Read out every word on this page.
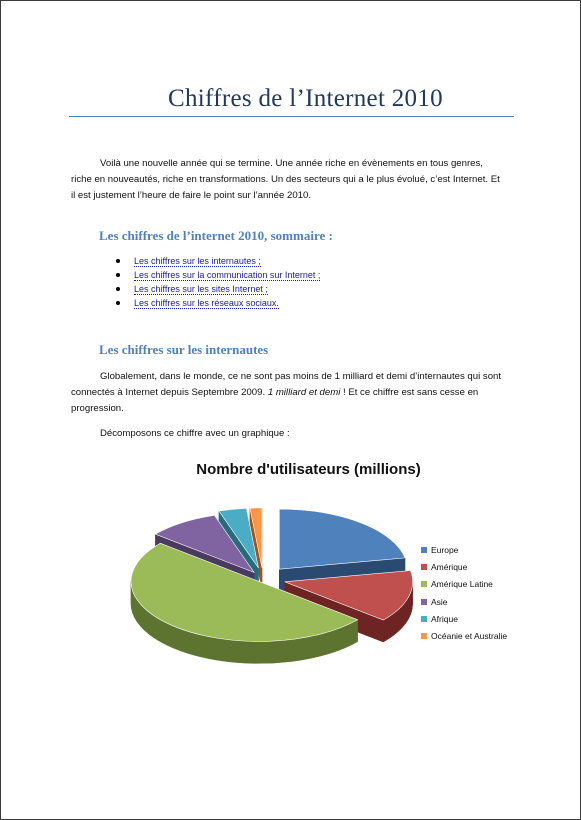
Chiffres de l’Internet 2010
Voilà une nouvelle année qui se termine. Une année riche en évènements en tous genres,
riche en nouveautés, riche en transformations. Un des secteurs qui a le plus évolué, c’est Internet. Et
il est justement l’heure de faire le point sur l’année 2010.
Les chiffres de l’internet 2010, sommaire :
Les chiffres sur les internautes ;
Les chiffres sur la communication sur Internet ;
Les chiffres sur les sites Internet ;
Les chiffres sur les réseaux sociaux.
Les chiffres sur les internautes
Globalement, dans le monde, ce ne sont pas moins de 1 milliard et demi d’internautes qui sont
connectés à Internet depuis Septembre 2009. 1 milliard et demi ! Et ce chiffre est sans cesse en
progression.
Décomposons ce chiffre avec un graphique :
Nombre d'utilisateurs (millions)
Europe
Amérique
Amérique Latine
Asie
Afrique
Océanie et Australie
